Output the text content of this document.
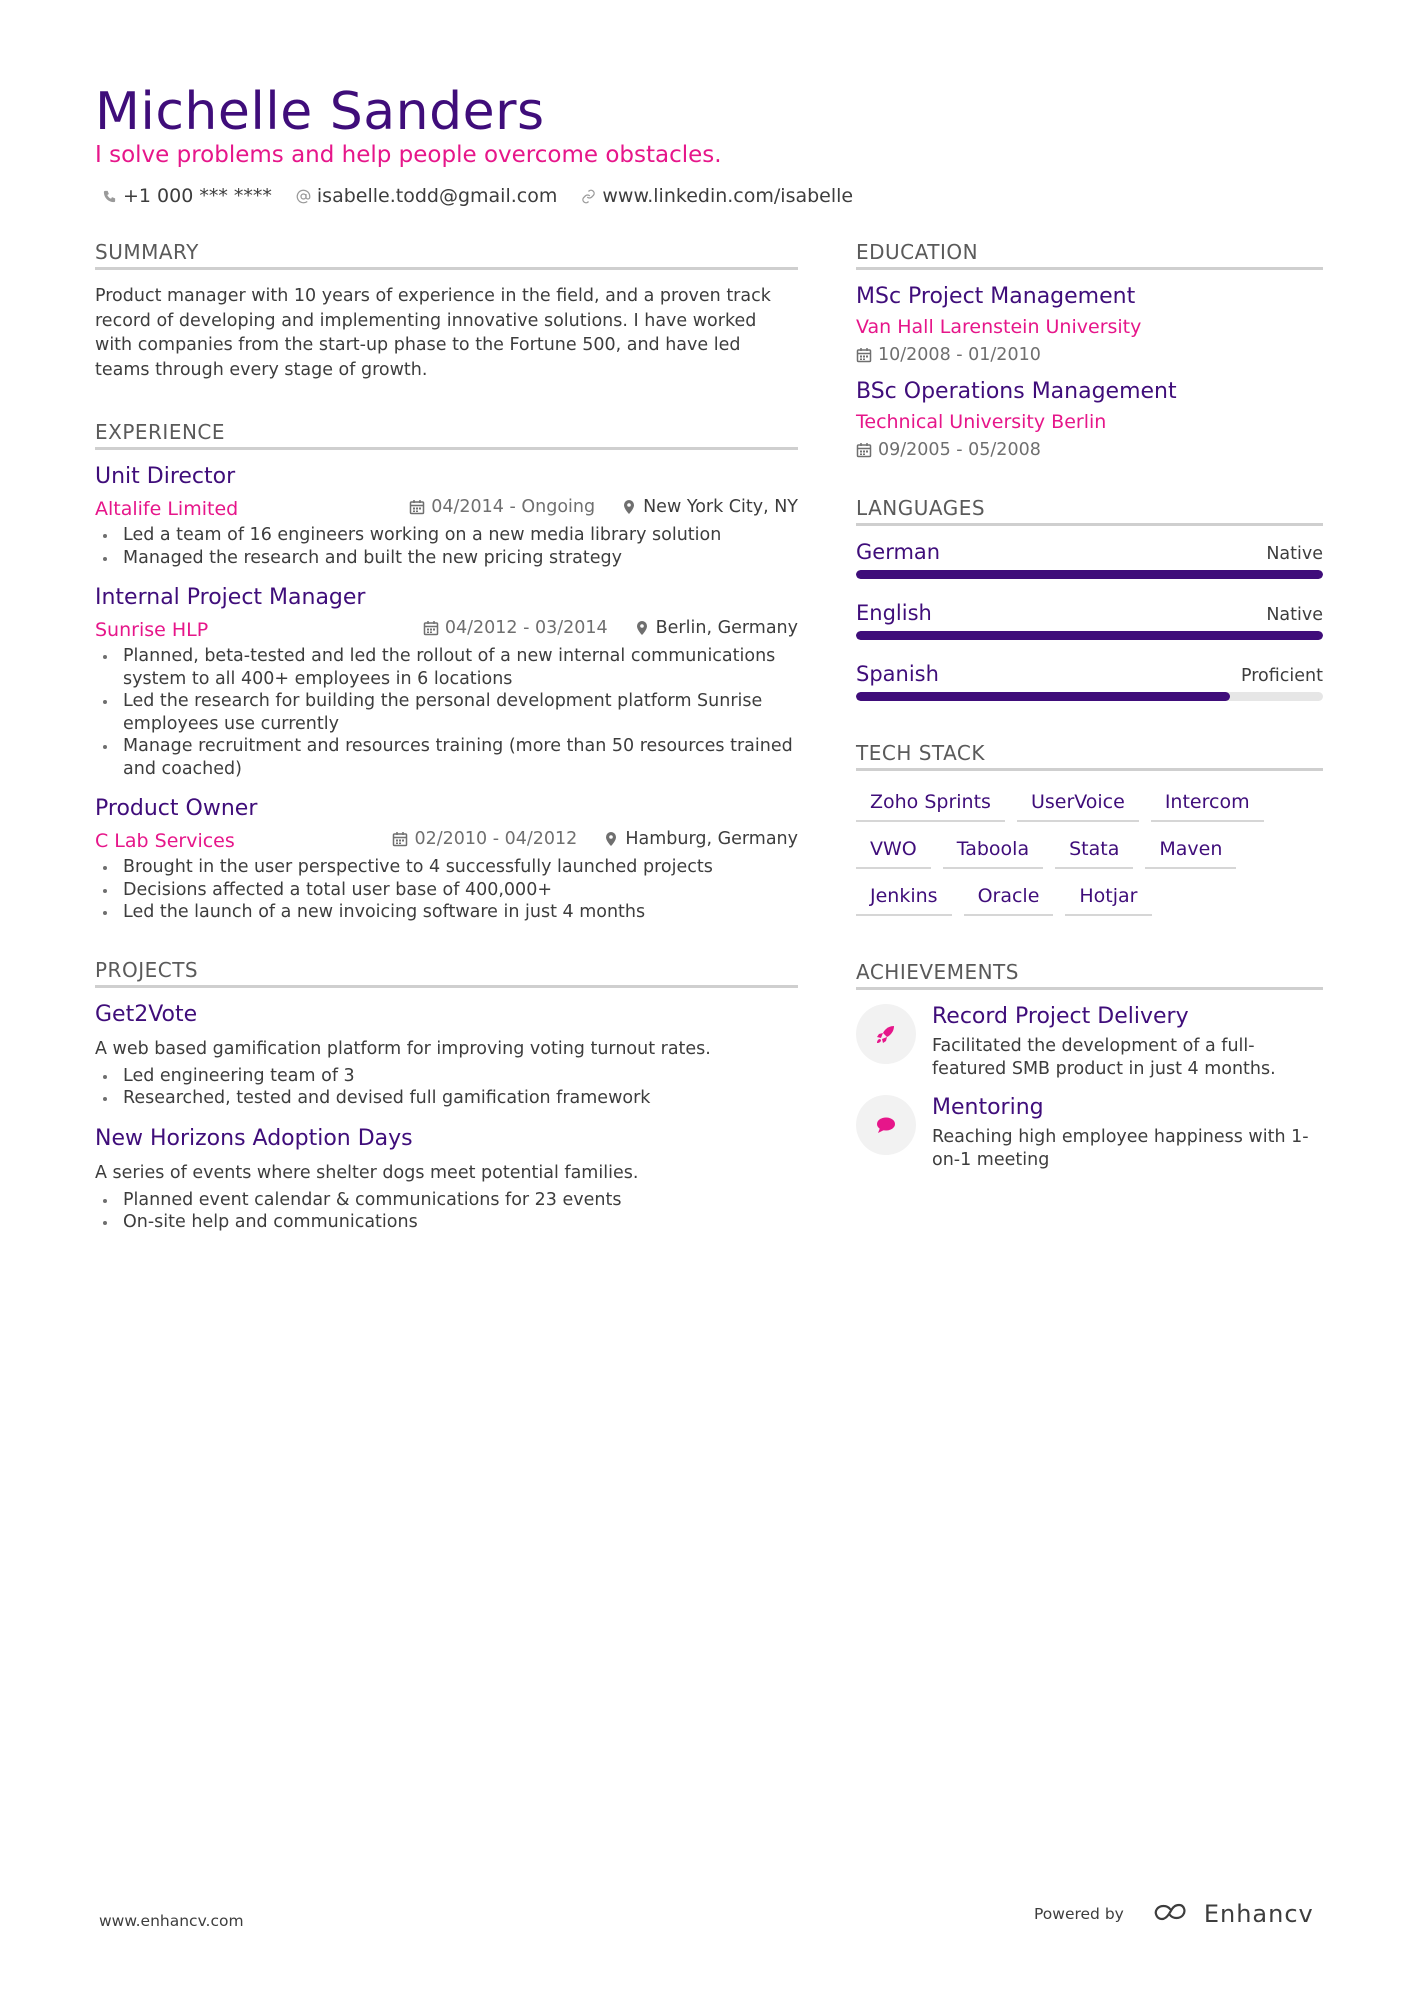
Michelle Sanders
I solve problems and help people overcome obstacles.
+1 000 *** **** isabelle.todd@gmail.com www.linkedin.com/isabelle
SUMMARY

Product manager with 10 years of experience in the field, and a proven track record of developing and implementing innovative solutions. I have worked with companies from the start-up phase to the Fortune 500, and have led teams through every stage of growth.

EXPERIENCE
Unit Director
Altalife Limited	04/2014 - Ongoing	New York City, NY
Led a team of 16 engineers working on a new media library solution
Managed the research and built the new pricing strategy
Internal Project Manager
Sunrise HLP	04/2012 - 03/2014	Berlin, Germany
Planned, beta-tested and led the rollout of a new internal communications system to all 400+ employees in 6 locations
Led the research for building the personal development platform Sunrise employees use currently
Manage recruitment and resources training (more than 50 resources trained and coached)
Product Owner
C Lab Services	02/2010 - 04/2012	Hamburg, Germany
Brought in the user perspective to 4 successfully launched projects
Decisions affected a total user base of 400,000+
Led the launch of a new invoicing software in just 4 months
PROJECTS
Get2Vote

A web based gamification platform for improving voting turnout rates.

Led engineering team of 3
Researched, tested and devised full gamification framework
New Horizons Adoption Days

A series of events where shelter dogs meet potential families.

Planned event calendar & communications for 23 events
On-site help and communications
EDUCATION
MSc Project Management
Van Hall Larenstein University
10/2008 - 01/2010
BSc Operations Management
Technical University Berlin
09/2005 - 05/2008
LANGUAGES
German	Native
English	Native
Spanish	Proficient
TECH STACK
Zoho Sprints	UserVoice	Intercom
VWO	Taboola	Stata	Maven
Jenkins	Oracle	Hotjar
ACHIEVEMENTS
Record Project Delivery

Facilitated the development of a full-featured SMB product in just 4 months.

Mentoring

Reaching high employee happiness with 1-on-1 meeting

www.enhancv.com	Powered by	Enhancv
